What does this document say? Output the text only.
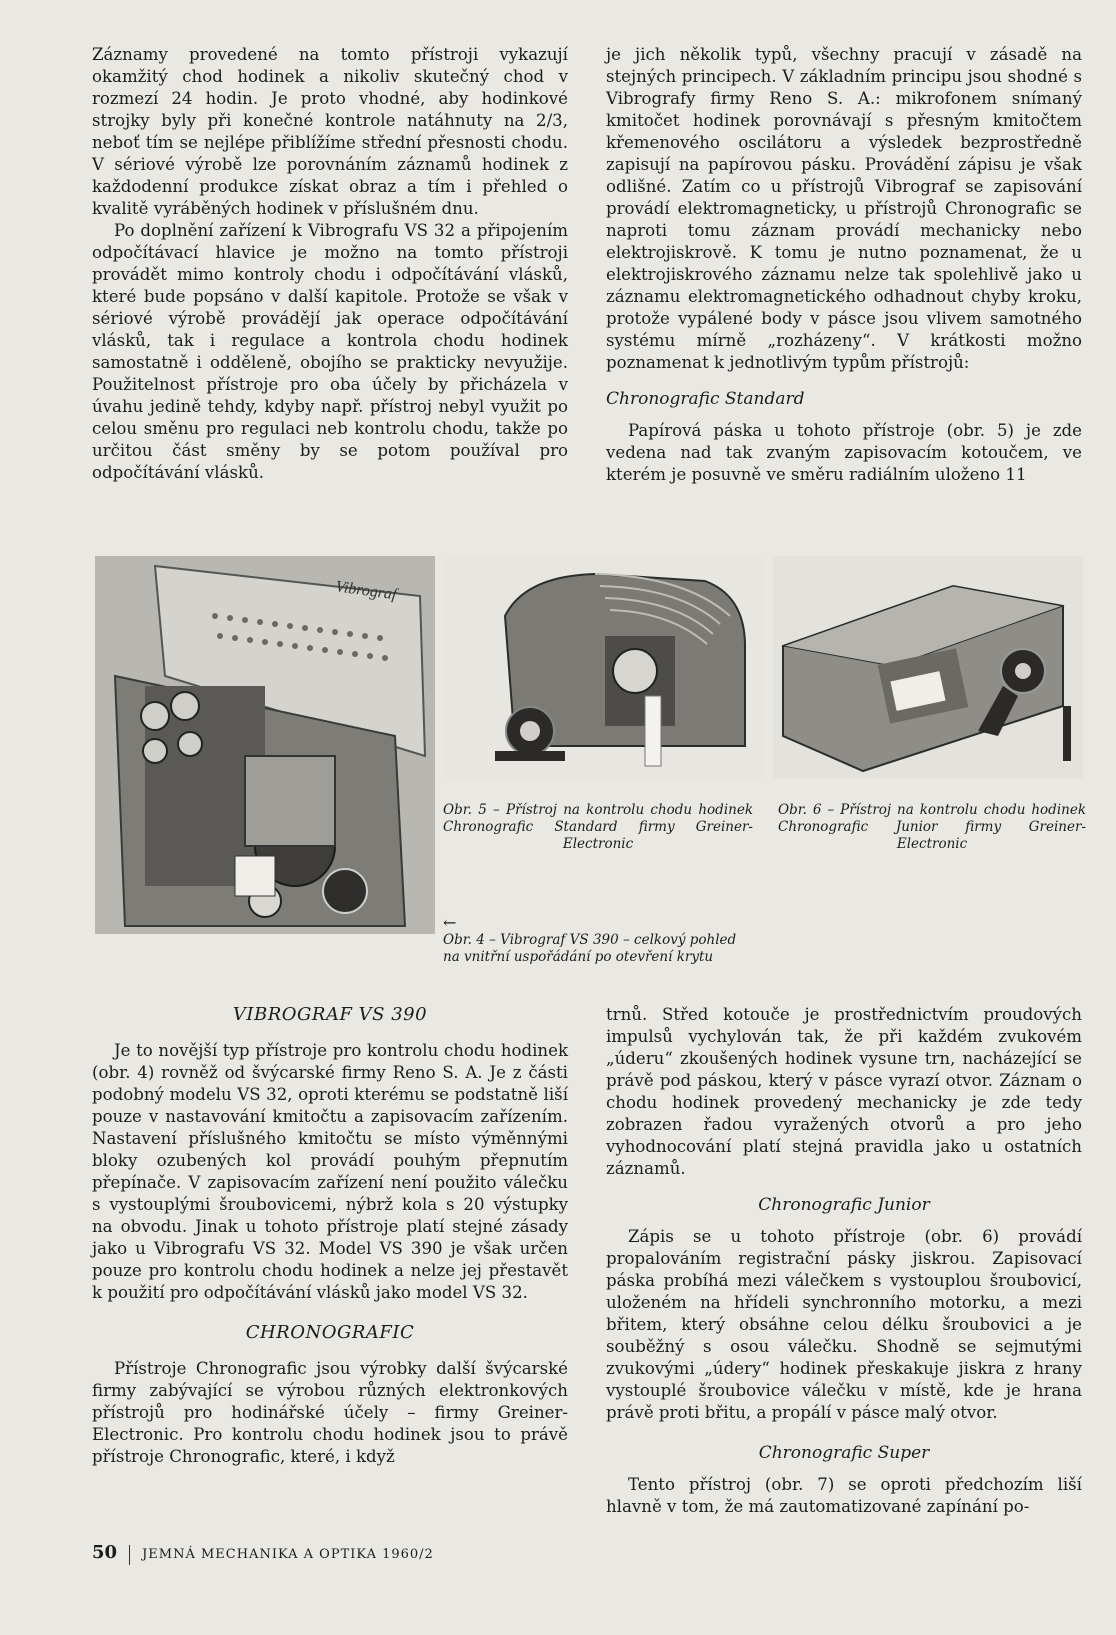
Záznamy provedené na tomto přístroji vykazují okamžitý chod hodinek a nikoliv skutečný chod v rozmezí 24 hodin. Je proto vhodné, aby hodinkové strojky byly při konečné kontrole natáhnuty na 2/3, neboť tím se nejlépe přiblížíme střední přesnosti chodu. V sériové výrobě lze porovnáním záznamů hodinek z každodenní produkce získat obraz a tím i přehled o kvalitě vyráběných hodinek v příslušném dnu.

Po doplnění zařízení k Vibrografu VS 32 a připojením odpočítávací hlavice je možno na tomto přístroji provádět mimo kontroly chodu i odpočítávání vlásků, které bude popsáno v další kapitole. Protože se však v sériové výrobě provádějí jak operace odpočítávání vlásků, tak i regulace a kontrola chodu hodinek samostatně i odděleně, obojího se prakticky nevyužije. Použitelnost přístroje pro oba účely by přicházela v úvahu jedině tehdy, kdyby např. přístroj nebyl využit po celou směnu pro regulaci neb kontrolu chodu, takže po určitou část směny by se potom používal pro odpočítávání vlásků.

je jich několik typů, všechny pracují v zásadě na stejných principech. V základním principu jsou shodné s Vibrografy firmy Reno S. A.: mikrofonem snímaný kmitočet hodinek porovnávají s přesným kmitočtem křemenového oscilátoru a výsledek bezprostředně zapisují na papírovou pásku. Provádění zápisu je však odlišné. Zatím co u přístrojů Vibrograf se zapisování provádí elektromagneticky, u přístrojů Chronografic se naproti tomu záznam provádí mechanicky nebo elektrojiskrově. K tomu je nutno poznamenat, že u elektrojiskrového záznamu nelze tak spolehlivě jako u záznamu elektromagnetického odhadnout chyby kroku, protože vypálené body v pásce jsou vlivem samotného systému mírně „rozházeny“. V krátkosti možno poznamenat k jednotlivým typům přístrojů:

Chronografic Standard

Papírová páska u tohoto přístroje (obr. 5) je zde vedena nad tak zvaným zapisovacím kotoučem, ve kterém je posuvně ve směru radiálním uloženo 11

Vibrograf
Obr. 5 – Přístroj na kontrolu chodu hodinek Chronografic Standard firmy Greiner-Electronic
Obr. 6 – Přístroj na kontrolu chodu hodinek Chronografic Junior firmy Greiner-Electronic
←
Obr. 4 – Vibrograf VS 390 – celkový pohled na vnitřní uspořádání po otevření krytu
VIBROGRAF VS 390

Je to novější typ přístroje pro kontrolu chodu hodinek (obr. 4) rovněž od švýcarské firmy Reno S. A. Je z části podobný modelu VS 32, oproti kterému se podstatně liší pouze v nastavování kmitočtu a zapisovacím zařízením. Nastavení příslušného kmitočtu se místo výměnnými bloky ozubených kol provádí pouhým přepnutím přepínače. V zapisovacím zařízení není použito válečku s vystouplými šroubovicemi, nýbrž kola s 20 výstupky na obvodu. Jinak u tohoto přístroje platí stejné zásady jako u Vibrografu VS 32. Model VS 390 je však určen pouze pro kontrolu chodu hodinek a nelze jej přestavět k použití pro odpočítávání vlásků jako model VS 32.

CHRONOGRAFIC

Přístroje Chronografic jsou výrobky další švýcarské firmy zabývající se výrobou různých elektronkových přístrojů pro hodinářské účely – firmy Greiner-Electronic. Pro kontrolu chodu hodinek jsou to právě přístroje Chronografic, které, i když

trnů. Střed kotouče je prostřednictvím proudových impulsů vychylován tak, že při každém zvukovém „úderu“ zkoušených hodinek vysune trn, nacházející se právě pod páskou, který v pásce vyrazí otvor. Záznam o chodu hodinek provedený mechanicky je zde tedy zobrazen řadou vyražených otvorů a pro jeho vyhodnocování platí stejná pravidla jako u ostatních záznamů.

Chronografic Junior

Zápis se u tohoto přístroje (obr. 6) provádí propalováním registrační pásky jiskrou. Zapisovací páska probíhá mezi válečkem s vystouplou šroubovicí, uloženém na hřídeli synchronního motorku, a mezi břitem, který obsáhne celou délku šroubovici a je souběžný s osou válečku. Shodně se sejmutými zvukovými „údery“ hodinek přeskakuje jiskra z hrany vystouplé šroubovice válečku v místě, kde je hrana právě proti břitu, a propálí v pásce malý otvor.

Chronografic Super

Tento přístroj (obr. 7) se oproti předchozím liší hlavně v tom, že má zautomatizované zapínání po-

50 JEMNÁ MECHANIKA A OPTIKA 1960/2
